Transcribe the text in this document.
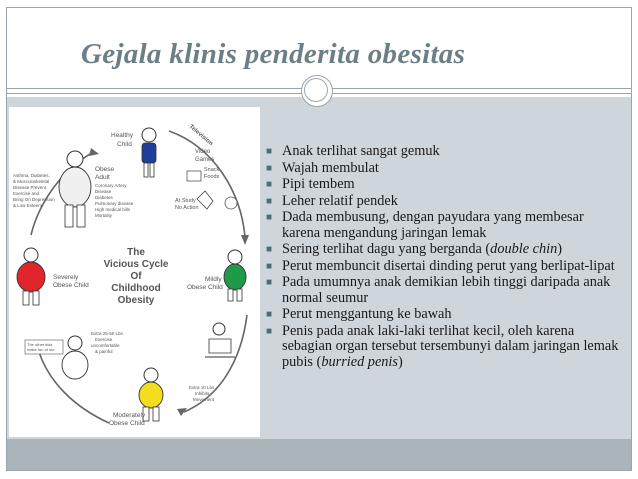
Gejala klinis penderita obesitas
The
Vicious Cycle
Of
Childhood
Obesity
Healthy
Child	Television
Video
Games
Snack
Foods
At Study
No Action
Obese
Adult
Coronary Artery
Disease
Diabetes
Pulmonary disease
High medical bills
Mortality
Asthma, Diabetes,
& Musculoskeletal
Disease Prevent
Exercise and
Bring On Depression
& Low Esteem
Severely
Obese Child
Mildly
Obese Child
The other kids
make fun of me
Extra 25-50 Lbs.
Exercise
uncomfortable
& painful
Extra 10 Lbs.
Inhibits
Movement
Moderately
Obese Child
■ Anak terlihat sangat gemuk
■ Wajah membulat
■ Pipi tembem
■ Leher relatif pendek
■ Dada membusung, dengan payudara yang membesar karena mengandung jaringan lemak
■ Sering terlihat dagu yang berganda (double chin)
■ Perut membuncit disertai dinding perut yang berlipat-lipat
■ Pada umumnya anak demikian lebih tinggi daripada anak normal seumur
■ Perut menggantung ke bawah
■ Penis pada anak laki-laki terlihat kecil, oleh karena sebagian organ tersebut tersembunyi dalam jaringan lemak pubis (burried penis)
